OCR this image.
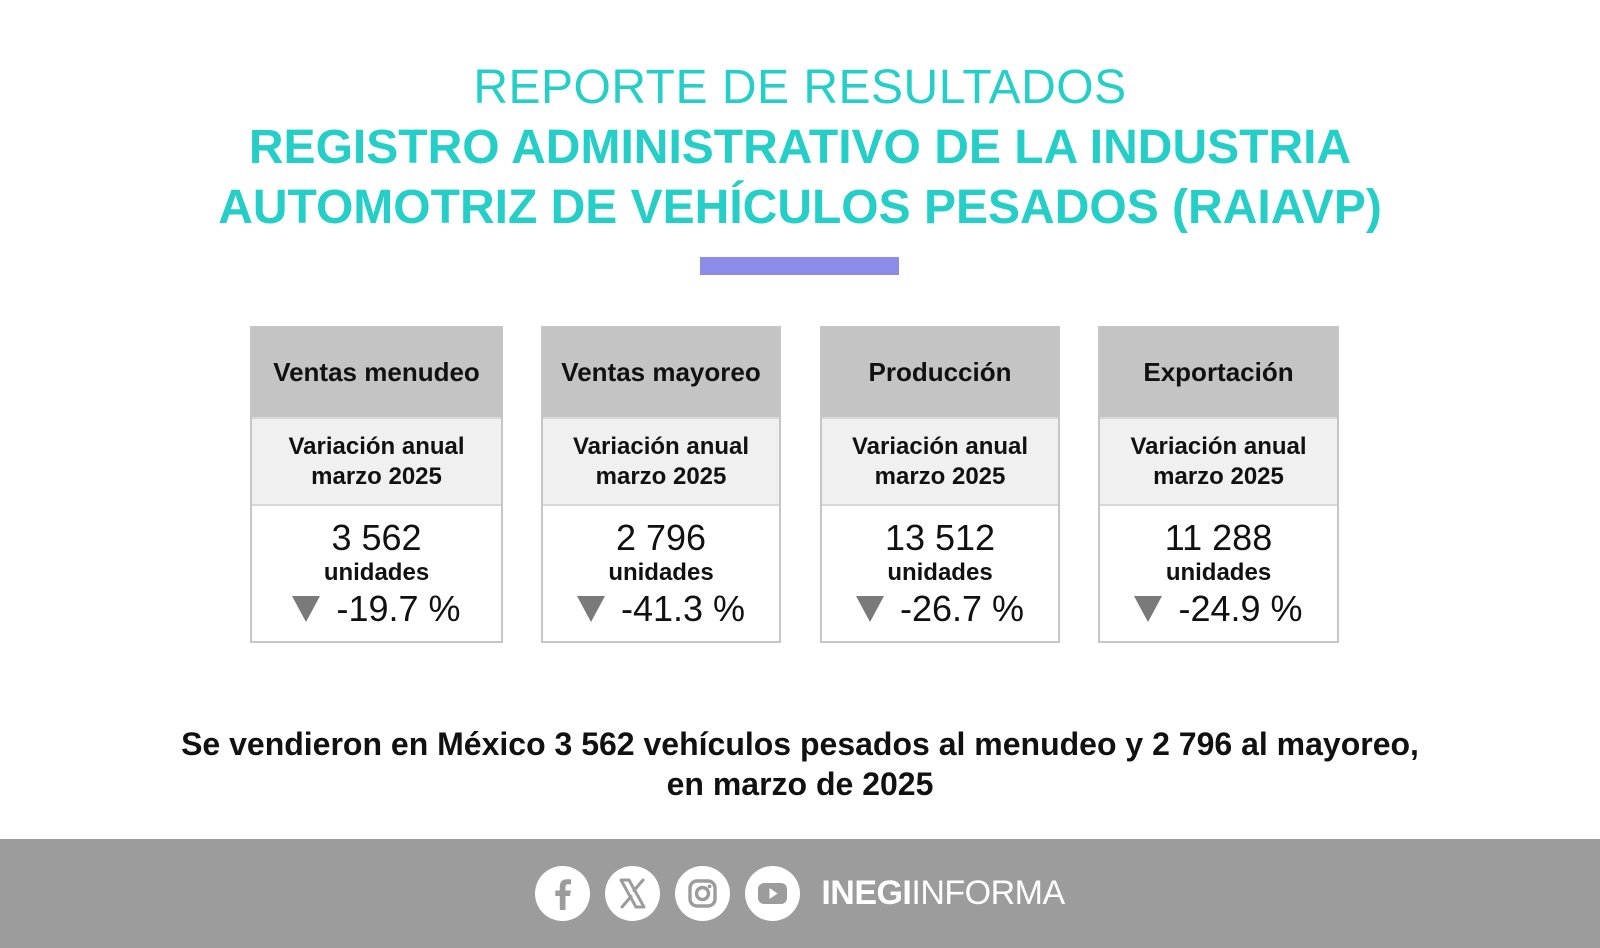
REPORTE DE RESULTADOS
REGISTRO ADMINISTRATIVO DE LA INDUSTRIA
AUTOMOTRIZ DE VEHÍCULOS PESADOS (RAIAVP)
Ventas menudeo
Variación anual
marzo 2025
3 562
unidades
-19.7 %
Ventas mayoreo
Variación anual
marzo 2025
2 796
unidades
-41.3 %
Producción
Variación anual
marzo 2025
13 512
unidades
-26.7 %
Exportación
Variación anual
marzo 2025
11 288
unidades
-24.9 %
Se vendieron en México 3 562 vehículos pesados al menudeo y 2 796 al mayoreo,
en marzo de 2025
INEGIINFORMA
